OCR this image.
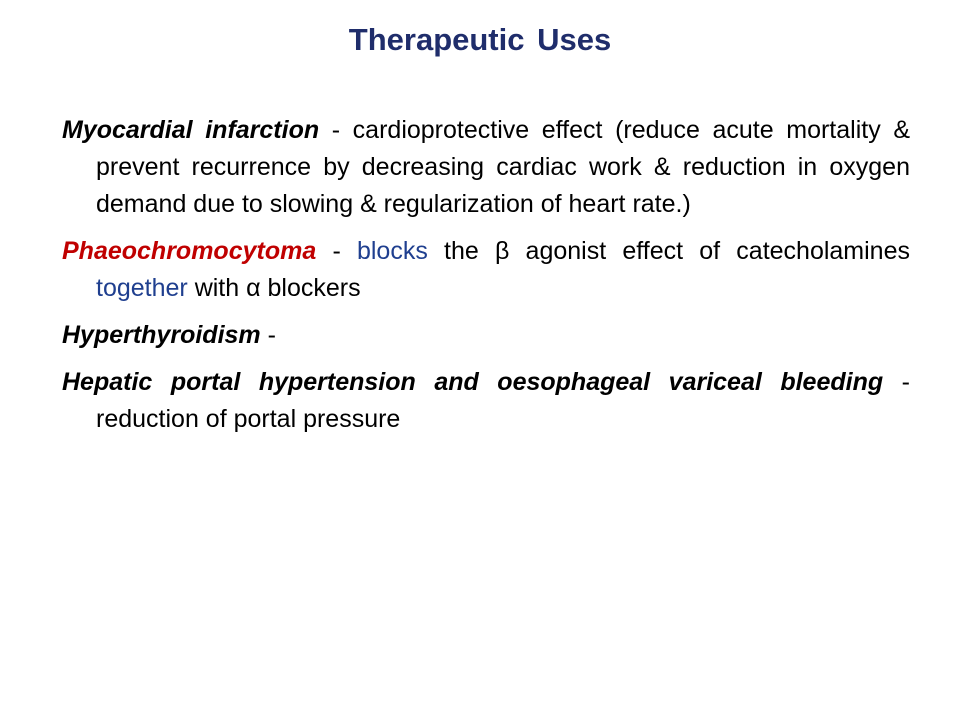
Therapeutic Uses

Myocardial infarction - cardioprotective effect (reduce acute mortality & prevent recurrence by decreasing cardiac work & reduction in oxygen demand due to slowing & regularization of heart rate.)

Phaeochromocytoma - blocks the β agonist effect of catecholamines together with α blockers

Hyperthyroidism -

Hepatic portal hypertension and oesophageal variceal bleeding - reduction of portal pressure
